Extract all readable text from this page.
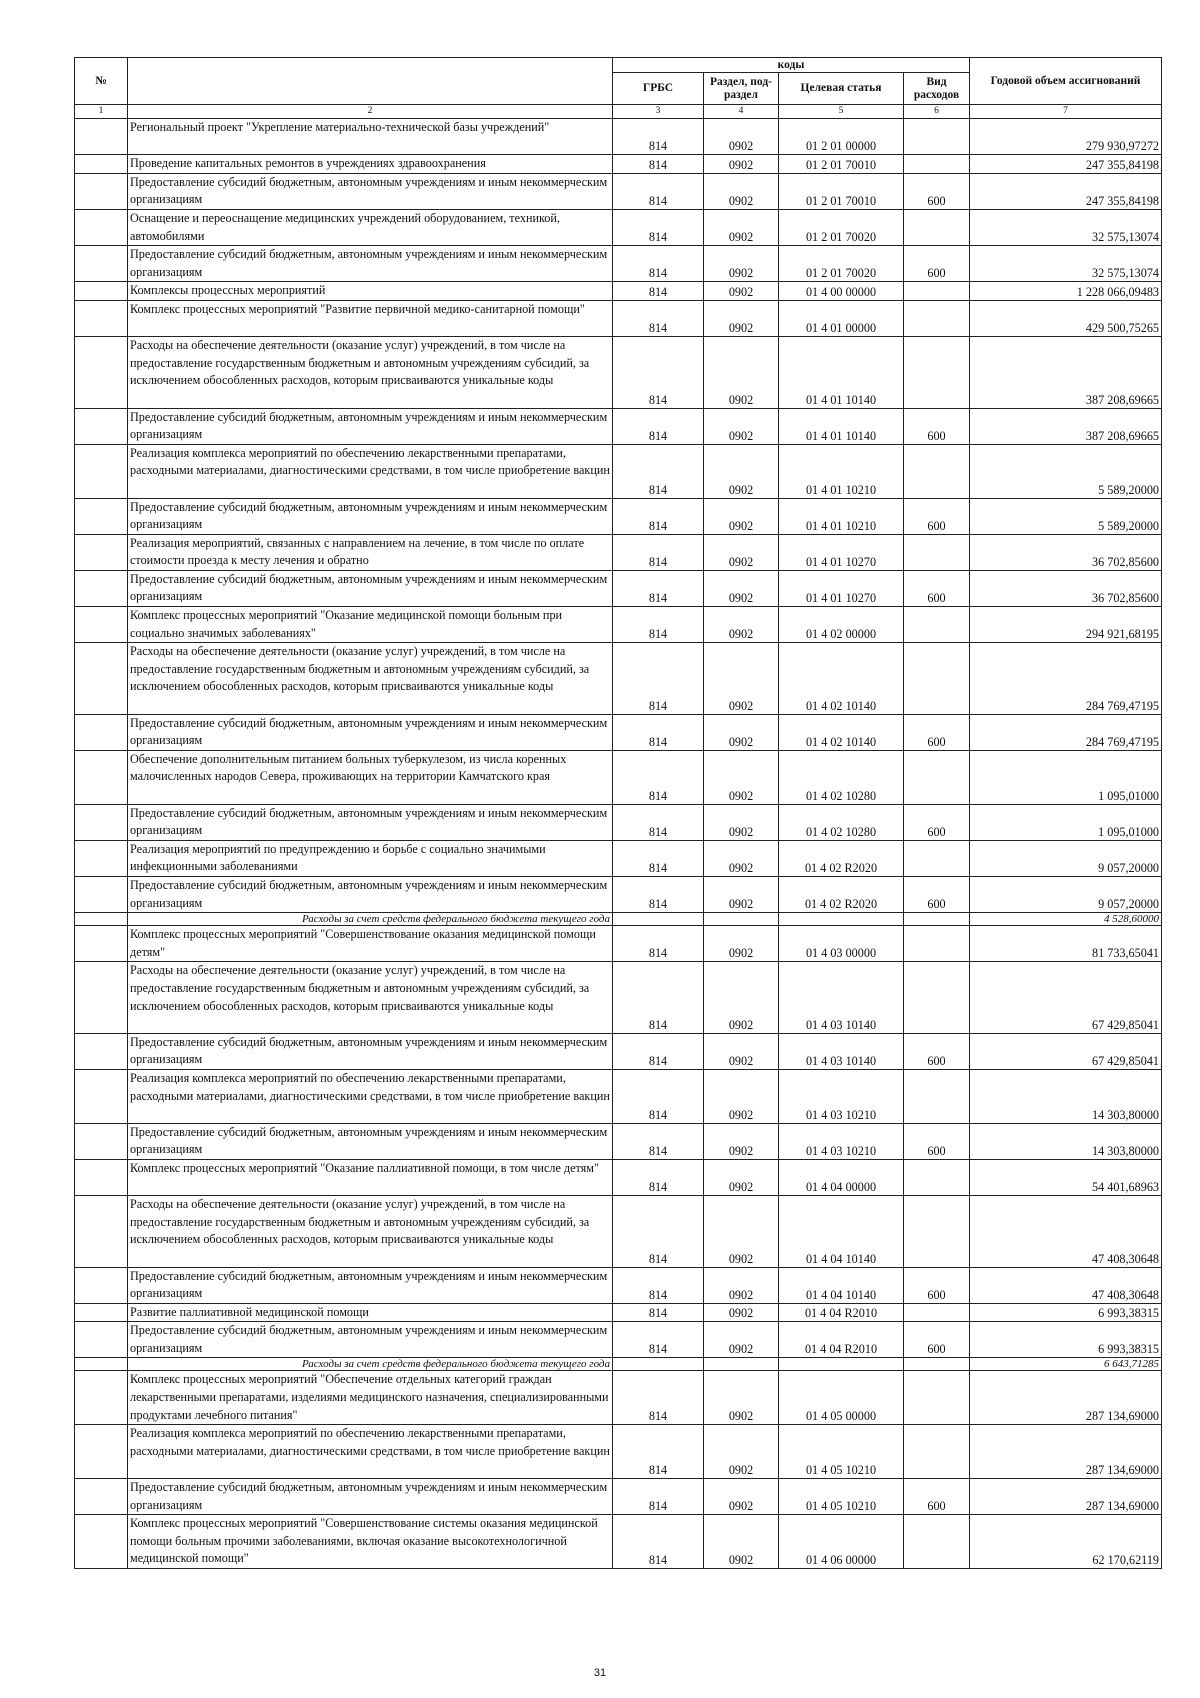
№		коды				Годовой объем ассигнований
		ГРБС	Раздел, под-раздел	Целевая статья	Вид расходов	
1	2	3	4	5	6	7
	Региональный проект "Укрепление материально-технической базы учреждений"	814	0902	01 2 01 00000		279 930,97272
	Проведение капитальных ремонтов в учреждениях здравоохранения	814	0902	01 2 01 70010		247 355,84198
	Предоставление субсидий бюджетным, автономным учреждениям и иным некоммерческим организациям	814	0902	01 2 01 70010	600	247 355,84198
	Оснащение и переоснащение медицинских учреждений оборудованием, техникой, автомобилями	814	0902	01 2 01 70020		32 575,13074
	Предоставление субсидий бюджетным, автономным учреждениям и иным некоммерческим организациям	814	0902	01 2 01 70020	600	32 575,13074
	Комплексы процессных мероприятий	814	0902	01 4 00 00000		1 228 066,09483
	Комплекс процессных мероприятий "Развитие первичной медико-санитарной помощи"	814	0902	01 4 01 00000		429 500,75265
	Расходы на обеспечение деятельности (оказание услуг) учреждений, в том числе на предоставление государственным бюджетным и автономным учреждениям субсидий, за исключением обособленных расходов, которым присваиваются уникальные коды	814	0902	01 4 01 10140		387 208,69665
	Предоставление субсидий бюджетным, автономным учреждениям и иным некоммерческим организациям	814	0902	01 4 01 10140	600	387 208,69665
	Реализация комплекса мероприятий по обеспечению лекарственными препаратами, расходными материалами, диагностическими средствами, в том числе приобретение вакцин	814	0902	01 4 01 10210		5 589,20000
	Предоставление субсидий бюджетным, автономным учреждениям и иным некоммерческим организациям	814	0902	01 4 01 10210	600	5 589,20000
	Реализация мероприятий, связанных с направлением на лечение, в том числе по оплате стоимости проезда к месту лечения и обратно	814	0902	01 4 01 10270		36 702,85600
	Предоставление субсидий бюджетным, автономным учреждениям и иным некоммерческим организациям	814	0902	01 4 01 10270	600	36 702,85600
	Комплекс процессных мероприятий "Оказание медицинской помощи больным при социально значимых заболеваниях"	814	0902	01 4 02 00000		294 921,68195
	Расходы на обеспечение деятельности (оказание услуг) учреждений, в том числе на предоставление государственным бюджетным и автономным учреждениям субсидий, за исключением обособленных расходов, которым присваиваются уникальные коды	814	0902	01 4 02 10140		284 769,47195
	Предоставление субсидий бюджетным, автономным учреждениям и иным некоммерческим организациям	814	0902	01 4 02 10140	600	284 769,47195
	Обеспечение дополнительным питанием больных туберкулезом, из числа коренных малочисленных народов Севера, проживающих на территории Камчатского края	814	0902	01 4 02 10280		1 095,01000
	Предоставление субсидий бюджетным, автономным учреждениям и иным некоммерческим организациям	814	0902	01 4 02 10280	600	1 095,01000
	Реализация мероприятий по предупреждению и борьбе с социально значимыми инфекционными заболеваниями	814	0902	01 4 02 R2020		9 057,20000
	Предоставление субсидий бюджетным, автономным учреждениям и иным некоммерческим организациям	814	0902	01 4 02 R2020	600	9 057,20000
	Расходы за счет средств федерального бюджета текущего года					4 528,60000
	Комплекс процессных мероприятий "Совершенствование оказания медицинской помощи детям"	814	0902	01 4 03 00000		81 733,65041
	Расходы на обеспечение деятельности (оказание услуг) учреждений, в том числе на предоставление государственным бюджетным и автономным учреждениям субсидий, за исключением обособленных расходов, которым присваиваются уникальные коды	814	0902	01 4 03 10140		67 429,85041
	Предоставление субсидий бюджетным, автономным учреждениям и иным некоммерческим организациям	814	0902	01 4 03 10140	600	67 429,85041
	Реализация комплекса мероприятий по обеспечению лекарственными препаратами, расходными материалами, диагностическими средствами, в том числе приобретение вакцин	814	0902	01 4 03 10210		14 303,80000
	Предоставление субсидий бюджетным, автономным учреждениям и иным некоммерческим организациям	814	0902	01 4 03 10210	600	14 303,80000
	Комплекс процессных мероприятий "Оказание паллиативной помощи, в том числе детям"	814	0902	01 4 04 00000		54 401,68963
	Расходы на обеспечение деятельности (оказание услуг) учреждений, в том числе на предоставление государственным бюджетным и автономным учреждениям субсидий, за исключением обособленных расходов, которым присваиваются уникальные коды	814	0902	01 4 04 10140		47 408,30648
	Предоставление субсидий бюджетным, автономным учреждениям и иным некоммерческим организациям	814	0902	01 4 04 10140	600	47 408,30648
	Развитие паллиативной медицинской помощи	814	0902	01 4 04 R2010		6 993,38315
	Предоставление субсидий бюджетным, автономным учреждениям и иным некоммерческим организациям	814	0902	01 4 04 R2010	600	6 993,38315
	Расходы за счет средств федерального бюджета текущего года					6 643,71285
	Комплекс процессных мероприятий "Обеспечение отдельных категорий граждан лекарственными препаратами, изделиями медицинского назначения, специализированными продуктами лечебного питания"	814	0902	01 4 05 00000		287 134,69000
	Реализация комплекса мероприятий по обеспечению лекарственными препаратами, расходными материалами, диагностическими средствами, в том числе приобретение вакцин	814	0902	01 4 05 10210		287 134,69000
	Предоставление субсидий бюджетным, автономным учреждениям и иным некоммерческим организациям	814	0902	01 4 05 10210	600	287 134,69000
	Комплекс процессных мероприятий "Совершенствование системы оказания медицинской помощи больным прочими заболеваниями, включая оказание высокотехнологичной медицинской помощи"	814	0902	01 4 06 00000		62 170,62119
31
